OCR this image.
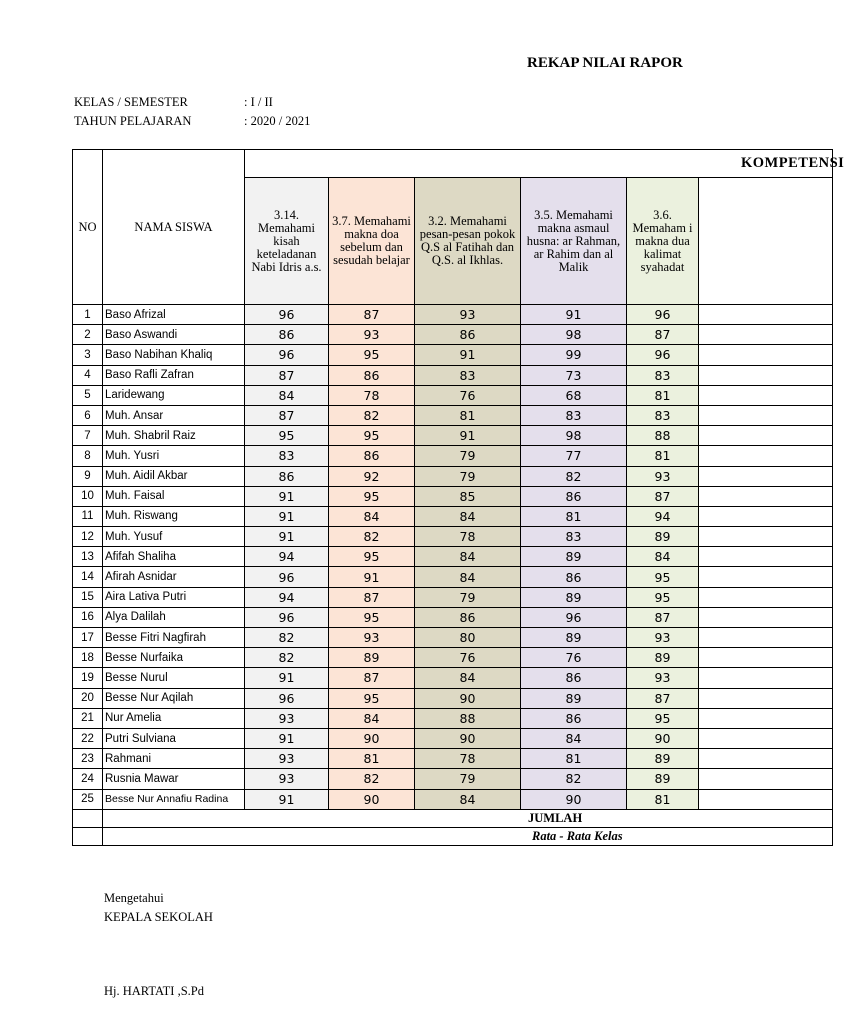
REKAP NILAI RAPOR
KELAS / SEMESTER	: I / II
TAHUN PELAJARAN	: 2020 / 2021
NO	NAMA SISWA	KOMPETENSI					
		3.14. Memahami kisah keteladanan Nabi Idris a.s.	3.7. Memahami makna doa sebelum dan sesudah belajar	3.2. Memahami pesan-pesan pokok Q.S al Fatihah dan Q.S. al Ikhlas.	3.5. Memahami makna asmaul husna: ar Rahman, ar Rahim dan al Malik	3.6. Memaham i makna dua kalimat syahadat	
1	Baso Afrizal	96	87	93	91	96	
2	Baso Aswandi	86	93	86	98	87	
3	Baso Nabihan Khaliq	96	95	91	99	96	
4	Baso Rafli Zafran	87	86	83	73	83	
5	Laridewang	84	78	76	68	81	
6	Muh. Ansar	87	82	81	83	83	
7	Muh. Shabril Raiz	95	95	91	98	88	
8	Muh. Yusri	83	86	79	77	81	
9	Muh. Aidil Akbar	86	92	79	82	93	
10	Muh. Faisal	91	95	85	86	87	
11	Muh. Riswang	91	84	84	81	94	
12	Muh. Yusuf	91	82	78	83	89	
13	Afifah Shaliha	94	95	84	89	84	
14	Afirah Asnidar	96	91	84	86	95	
15	Aira Lativa Putri	94	87	79	89	95	
16	Alya Dalilah	96	95	86	96	87	
17	Besse Fitri Nagfirah	82	93	80	89	93	
18	Besse Nurfaika	82	89	76	76	89	
19	Besse Nurul	91	87	84	86	93	
20	Besse Nur Aqilah	96	95	90	89	87	
21	Nur Amelia	93	84	88	86	95	
22	Putri Sulviana	91	90	90	84	90	
23	Rahmani	93	81	78	81	89	
24	Rusnia Mawar	93	82	79	82	89	
25	Besse Nur Annafiu Radina	91	90	84	90	81	
	JUMLAH						
	Rata - Rata Kelas						
Mengetahui
KEPALA SEKOLAH
Hj. HARTATI ,S.Pd
